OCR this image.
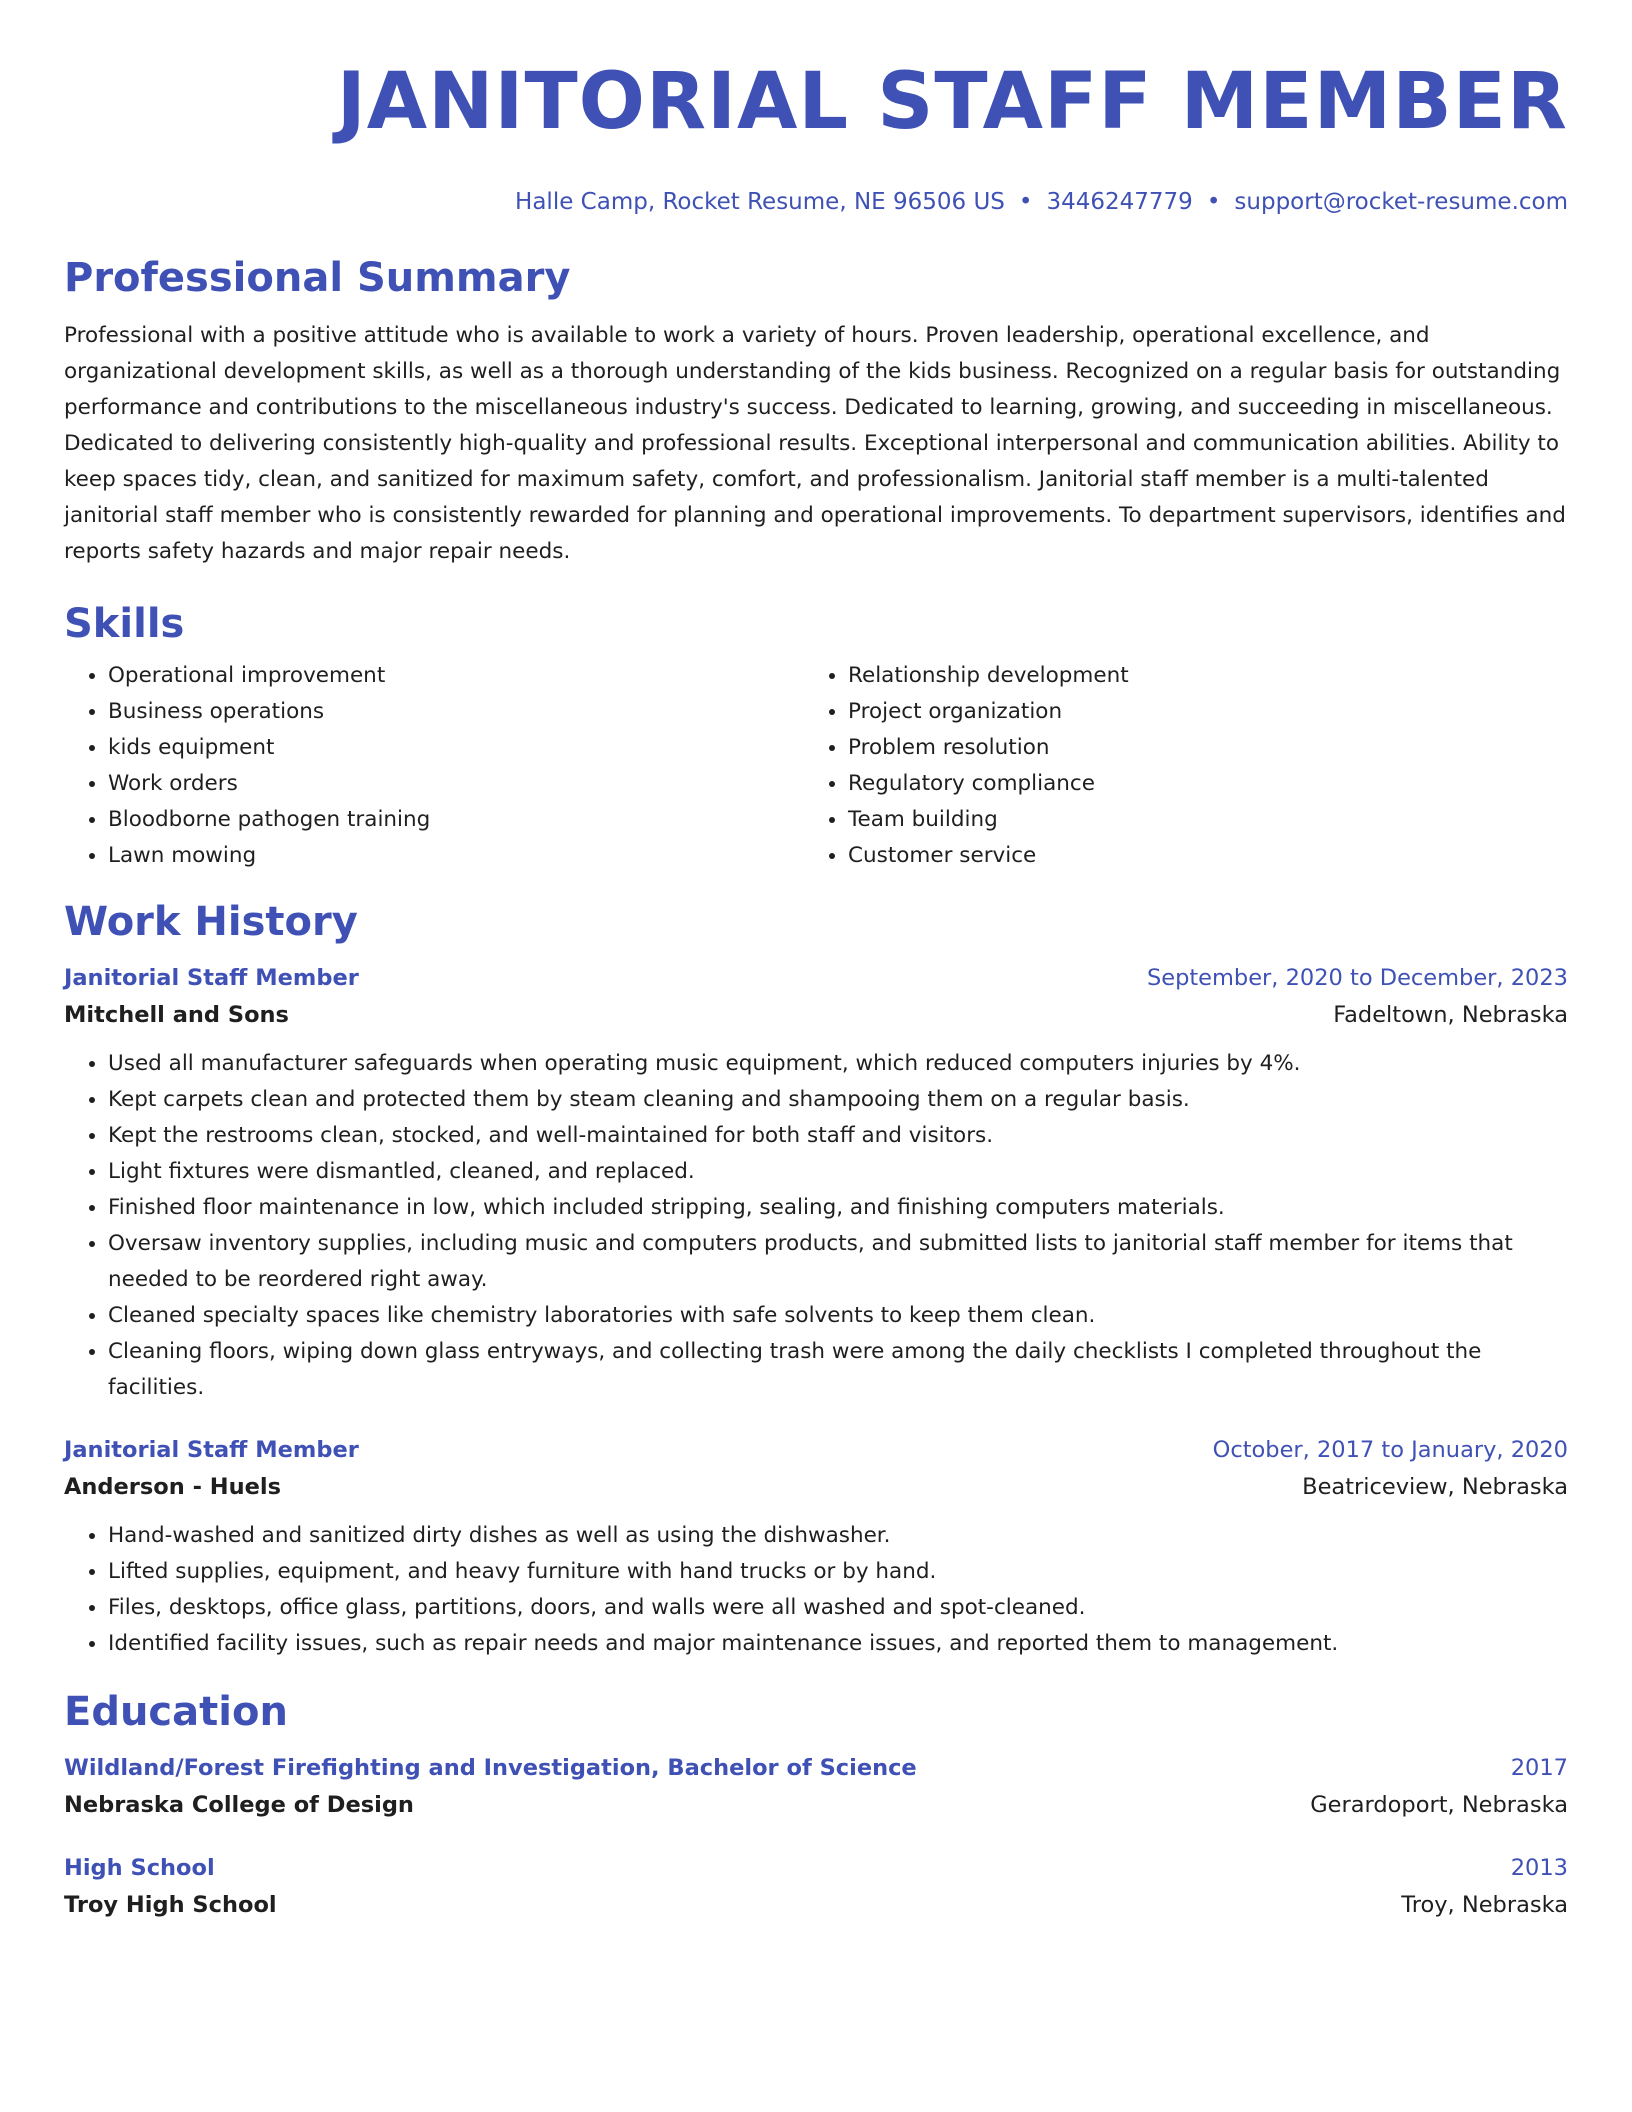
JANITORIAL STAFF MEMBER
Halle Camp, Rocket Resume, NE 96506 US • 3446247779 • support@rocket-resume.com
Professional Summary

Professional with a positive attitude who is available to work a variety of hours. Proven leadership, operational excellence, and organizational development skills, as well as a thorough understanding of the kids business. Recognized on a regular basis for outstanding performance and contributions to the miscellaneous industry's success. Dedicated to learning, growing, and succeeding in miscellaneous. Dedicated to delivering consistently high-quality and professional results. Exceptional interpersonal and communication abilities. Ability to keep spaces tidy, clean, and sanitized for maximum safety, comfort, and professionalism. Janitorial staff member is a multi-talented janitorial staff member who is consistently rewarded for planning and operational improvements. To department supervisors, identifies and reports safety hazards and major repair needs.

Skills
• Operational improvement
• Business operations
• kids equipment
• Work orders
• Bloodborne pathogen training
• Lawn mowing
• Relationship development
• Project organization
• Problem resolution
• Regulatory compliance
• Team building
• Customer service
Work History
Janitorial Staff Member	September, 2020 to December, 2023
Mitchell and Sons	Fadeltown, Nebraska
• Used all manufacturer safeguards when operating music equipment, which reduced computers injuries by 4%.
• Kept carpets clean and protected them by steam cleaning and shampooing them on a regular basis.
• Kept the restrooms clean, stocked, and well-maintained for both staff and visitors.
• Light fixtures were dismantled, cleaned, and replaced.
• Finished floor maintenance in low, which included stripping, sealing, and finishing computers materials.
• Oversaw inventory supplies, including music and computers products, and submitted lists to janitorial staff member for items that needed to be reordered right away.
• Cleaned specialty spaces like chemistry laboratories with safe solvents to keep them clean.
• Cleaning floors, wiping down glass entryways, and collecting trash were among the daily checklists I completed throughout the facilities.
Janitorial Staff Member	October, 2017 to January, 2020
Anderson - Huels	Beatriceview, Nebraska
• Hand-washed and sanitized dirty dishes as well as using the dishwasher.
• Lifted supplies, equipment, and heavy furniture with hand trucks or by hand.
• Files, desktops, office glass, partitions, doors, and walls were all washed and spot-cleaned.
• Identified facility issues, such as repair needs and major maintenance issues, and reported them to management.
Education
Wildland/Forest Firefighting and Investigation, Bachelor of Science	2017
Nebraska College of Design	Gerardoport, Nebraska
High School	2013
Troy High School	Troy, Nebraska
